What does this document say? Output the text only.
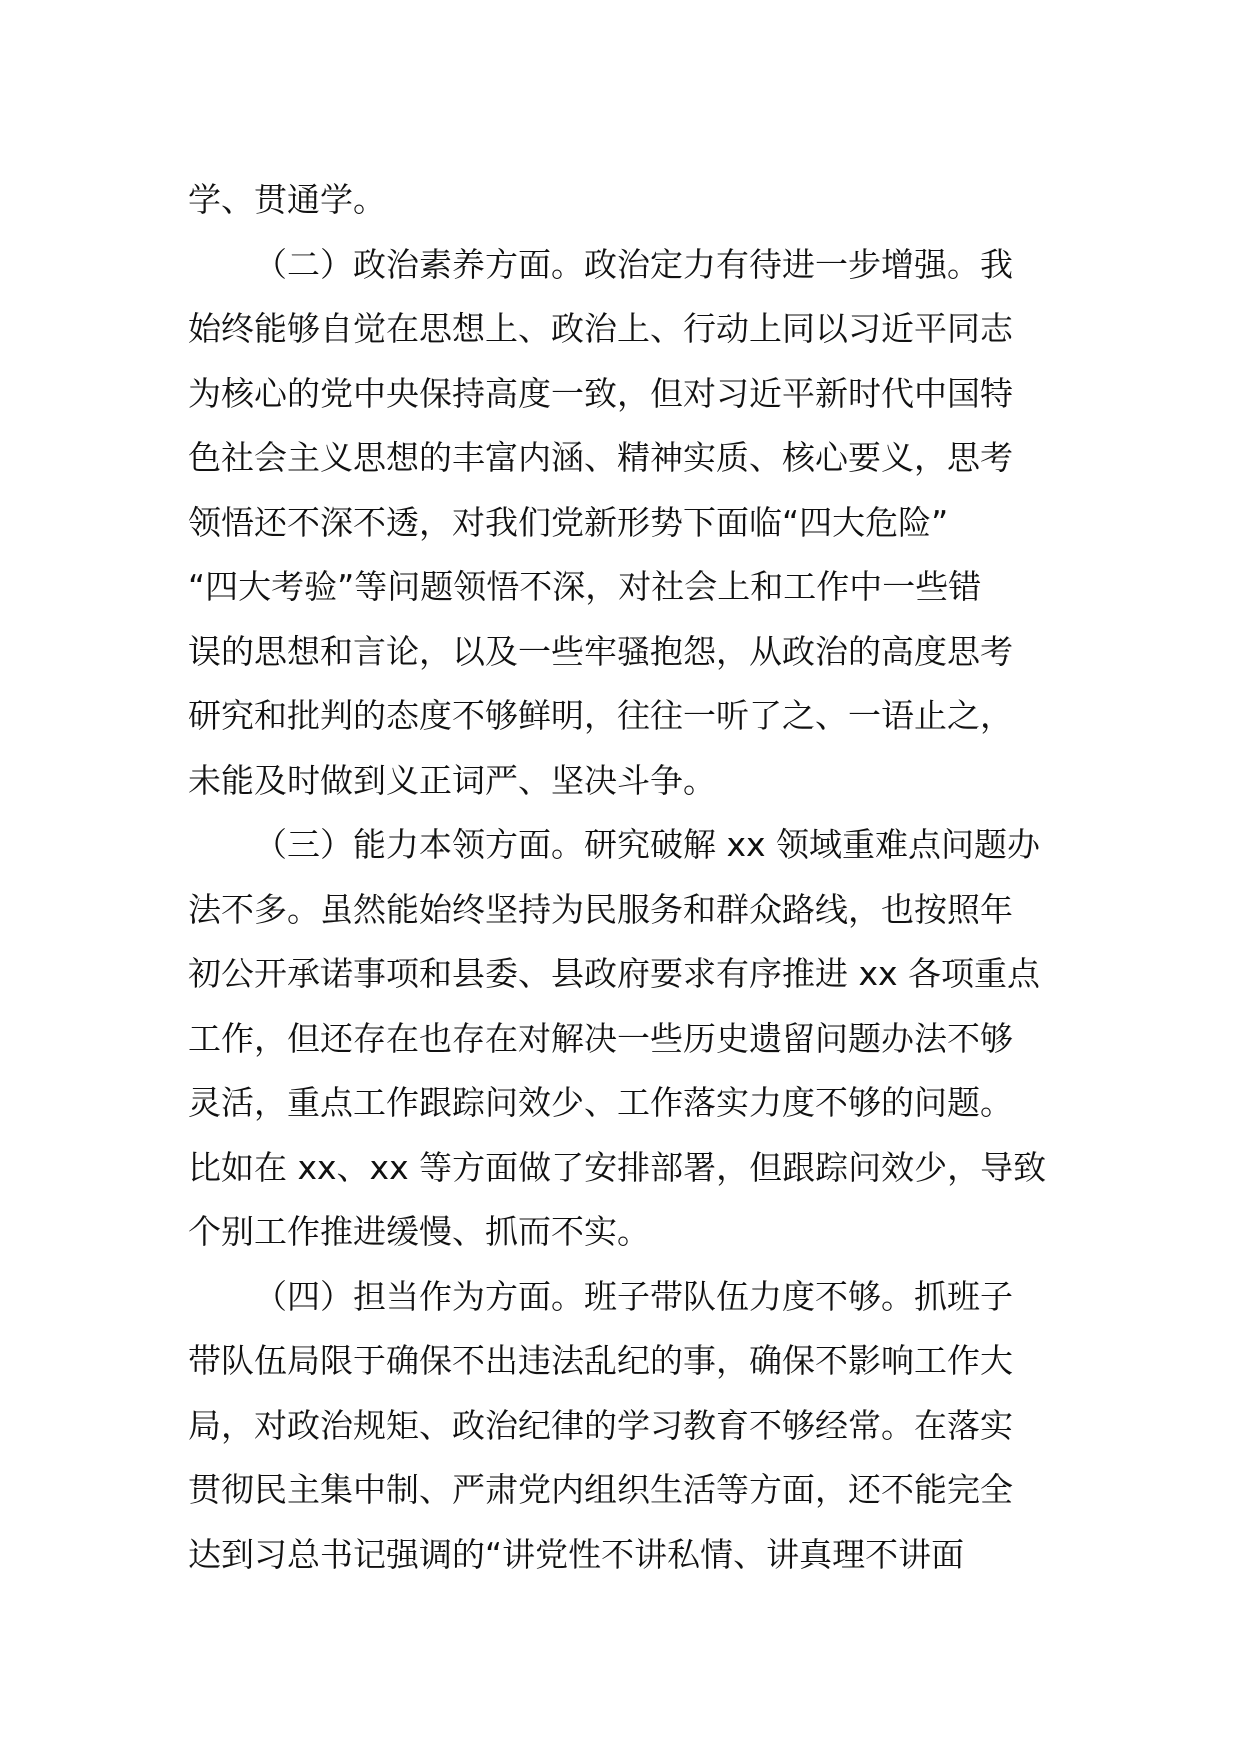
学、贯通学。
（二）政治素养方面。政治定力有待进一步增强。我
始终能够自觉在思想上、政治上、行动上同以习近平同志
为核心的党中央保持高度一致，但对习近平新时代中国特
色社会主义思想的丰富内涵、精神实质、核心要义，思考
领悟还不深不透，对我们党新形势下面临“四大危险”
“四大考验”等问题领悟不深，对社会上和工作中一些错
误的思想和言论，以及一些牢骚抱怨，从政治的高度思考
研究和批判的态度不够鲜明，往往一听了之、一语止之，
未能及时做到义正词严、坚决斗争。
（三）能力本领方面。研究破解 xx 领域重难点问题办
法不多。虽然能始终坚持为民服务和群众路线，也按照年
初公开承诺事项和县委、县政府要求有序推进 xx 各项重点
工作，但还存在也存在对解决一些历史遗留问题办法不够
灵活，重点工作跟踪问效少、工作落实力度不够的问题。
比如在 xx、xx 等方面做了安排部署，但跟踪问效少，导致
个别工作推进缓慢、抓而不实。
（四）担当作为方面。班子带队伍力度不够。抓班子
带队伍局限于确保不出违法乱纪的事，确保不影响工作大
局，对政治规矩、政治纪律的学习教育不够经常。在落实
贯彻民主集中制、严肃党内组织生活等方面，还不能完全
达到习总书记强调的“讲党性不讲私情、讲真理不讲面
